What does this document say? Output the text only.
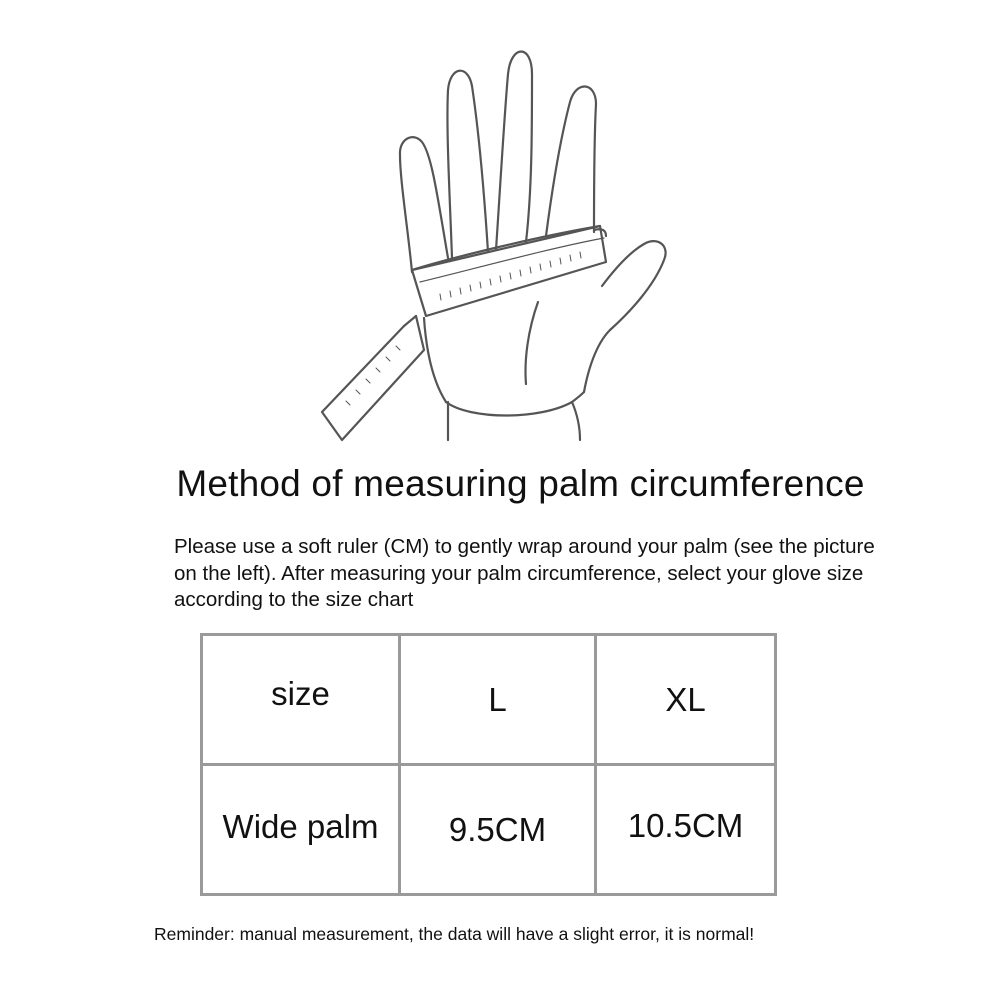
Method of measuring palm circumference

Please use a soft ruler (CM) to gently wrap around your palm (see the picture on the left). After measuring your palm circumference, select your glove size according to the size chart

size	L	XL
Wide palm	9.5CM	10.5CM

Reminder: manual measurement, the data will have a slight error, it is normal!
